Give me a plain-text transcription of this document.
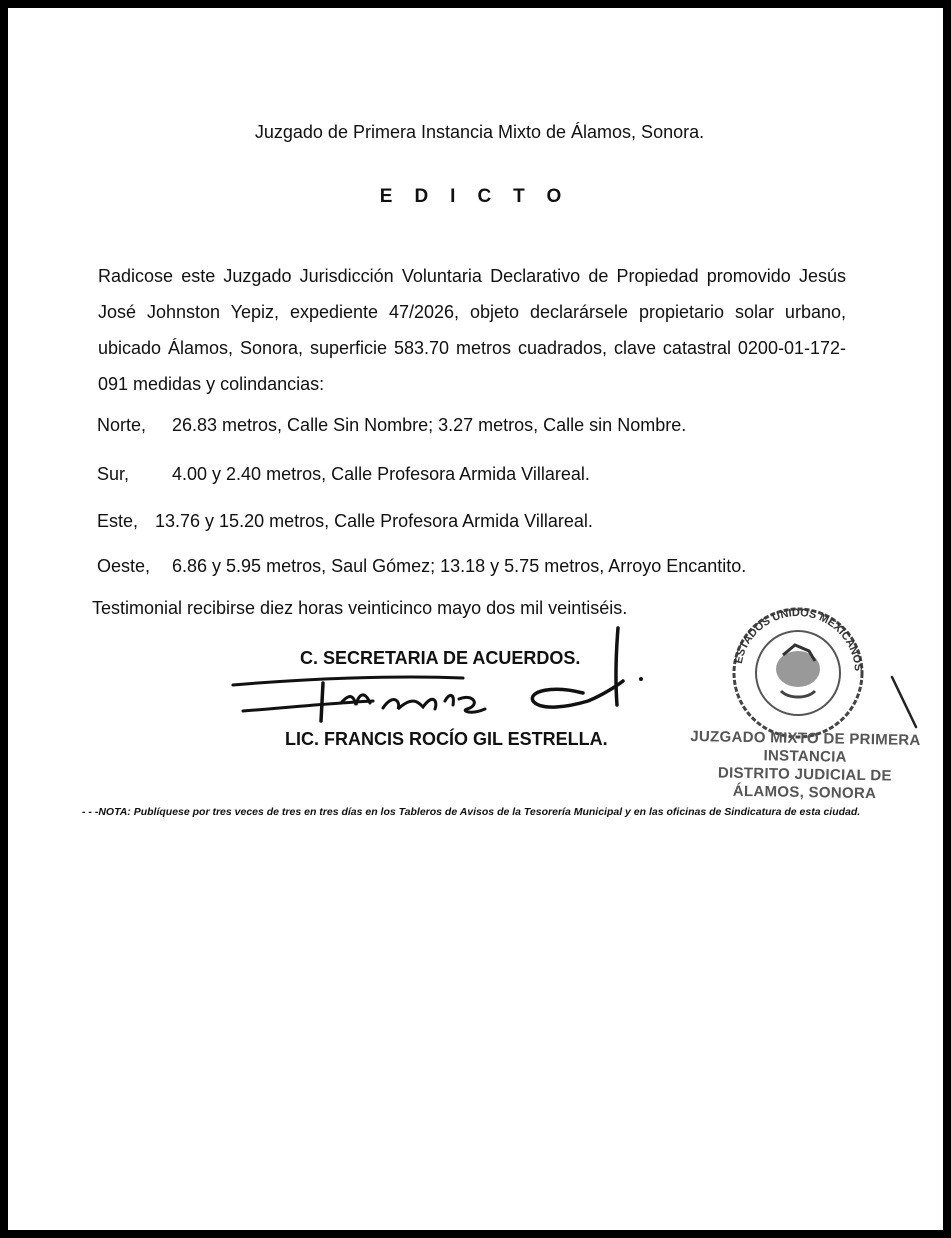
Juzgado de Primera Instancia Mixto de Álamos, Sonora.
EDICTO

Radicose este Juzgado Jurisdicción Voluntaria Declarativo de Propiedad promovido Jesús José Johnston Yepiz, expediente 47/2026, objeto declarársele propietario solar urbano, ubicado Álamos, Sonora, superficie 583.70 metros cuadrados, clave catastral 0200-01-172-091 medidas y colindancias:

Norte, 26.83 metros, Calle Sin Nombre; 3.27 metros, Calle sin Nombre.
Sur, 4.00 y 2.40 metros, Calle Profesora Armida Villareal.
Este, 13.76 y 15.20 metros, Calle Profesora Armida Villareal.
Oeste, 6.86 y 5.95 metros, Saul Gómez; 13.18 y 5.75 metros, Arroyo Encantito.
Testimonial recibirse diez horas veinticinco mayo dos mil veintiséis.
C. SECRETARIA DE ACUERDOS.
LIC. FRANCIS ROCÍO GIL ESTRELLA.
ESTADOS UNIDOS MEXICANOS
JUZGADO MIXTO DE PRIMERA
INSTANCIA
DISTRITO JUDICIAL DE
ÁLAMOS, SONORA

- - -NOTA: Publíquese por tres veces de tres en tres días en los Tableros de Avisos de la Tesorería Municipal y en las oficinas de Sindicatura de esta ciudad.
